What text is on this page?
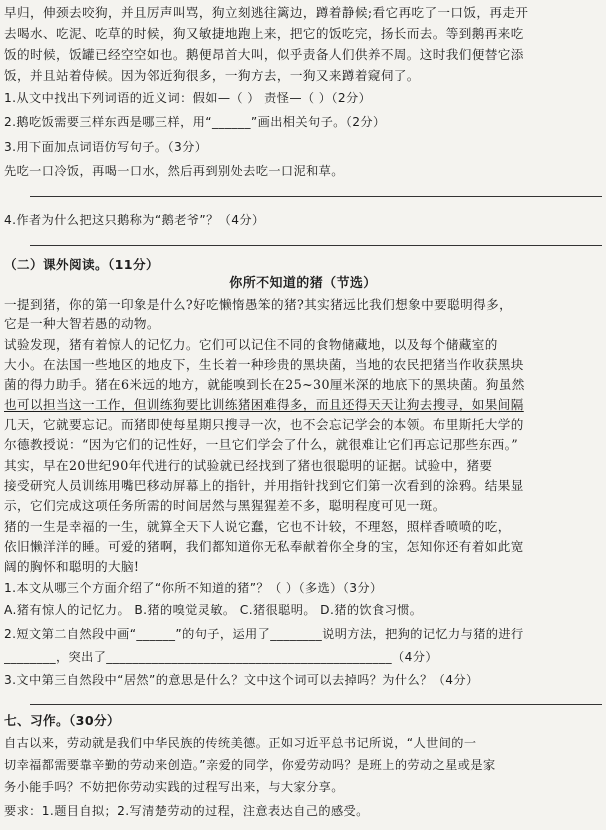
早归，伸颈去咬狗，并且厉声叫骂，狗立刻逃往篱边，蹲着静候;看它再吃了一口饭，再走开
去喝水、吃泥、吃草的时候，狗又敏捷地跑上来，把它的饭吃完，扬长而去。等到鹅再来吃
饭的时候，饭罐已经空空如也。鹅便昂首大叫，似乎责备人们供养不周。这时我们便替它添
饭，并且站着侍候。因为邻近狗很多，一狗方去，一狗又来蹲着窥伺了。
1.从文中找出下列词语的近义词：假如—（ ） 责怪—（ ）（2分）
2.鹅吃饭需要三样东西是哪三样，用“______”画出相关句子。（2分）
3.用下面加点词语仿写句子。（3分）
先吃一口冷饭，再喝一口水，然后再到别处去吃一口泥和草。
4.作者为什么把这只鹅称为“鹅老爷”？（4分）
（二）课外阅读。（11分）
你所不知道的猪（节选）
一提到猪，你的第一印象是什么?好吃懒惰愚笨的猪?其实猪远比我们想象中要聪明得多，
它是一种大智若愚的动物。
试验发现，猪有着惊人的记忆力。它们可以记住不同的食物储藏地，以及每个储藏室的
大小。在法国一些地区的地皮下，生长着一种珍贵的黑块菌，当地的农民把猪当作收获黑块
菌的得力助手。猪在6米远的地方，就能嗅到长在25~30厘米深的地底下的黑块菌。狗虽然
也可以担当这一工作，但训练狗要比训练猪困难得多，而且还得天天让狗去搜寻，如果间隔
几天，它就要忘记。而猪即使每星期只搜寻一次，也不会忘记学会的本领。布里斯托大学的
尔德教授说：“因为它们的记性好，一旦它们学会了什么，就很难让它们再忘记那些东西。”
其实，早在20世纪90年代进行的试验就已经找到了猪也很聪明的证据。试验中，猪要
接受研究人员训练用嘴巴移动屏幕上的指针，并用指针找到它们第一次看到的涂鸦。结果显
示，它们完成这项任务所需的时间居然与黑猩猩差不多，聪明程度可见一斑。
猪的一生是幸福的一生，就算全天下人说它蠢，它也不计较，不理怒，照样香喷喷的吃，
依旧懒洋洋的睡。可爱的猪啊，我们都知道你无私奉献着你全身的宝，怎知你还有着如此宽
阔的胸怀和聪明的大脑!
1.本文从哪三个方面介绍了“你所不知道的猪”？（ ）（多选）（3分）
A.猪有惊人的记忆力。 B.猪的嗅觉灵敏。 C.猪很聪明。 D.猪的饮食习惯。
2.短文第二自然段中画“______”的句子，运用了________说明方法，把狗的记忆力与猪的进行
________，突出了____________________________________________（4分）
3.文中第三自然段中“居然”的意思是什么？文中这个词可以去掉吗？为什么？（4分）
七、习作。（30分）
自古以来，劳动就是我们中华民族的传统美德。正如习近平总书记所说，“人世间的一
切幸福都需要靠辛勤的劳动来创造。”亲爱的同学，你爱劳动吗？是班上的劳动之星或是家
务小能手吗？不妨把你劳动实践的过程写出来，与大家分享。
要求：1.题目自拟；2.写清楚劳动的过程，注意表达自己的感受。
